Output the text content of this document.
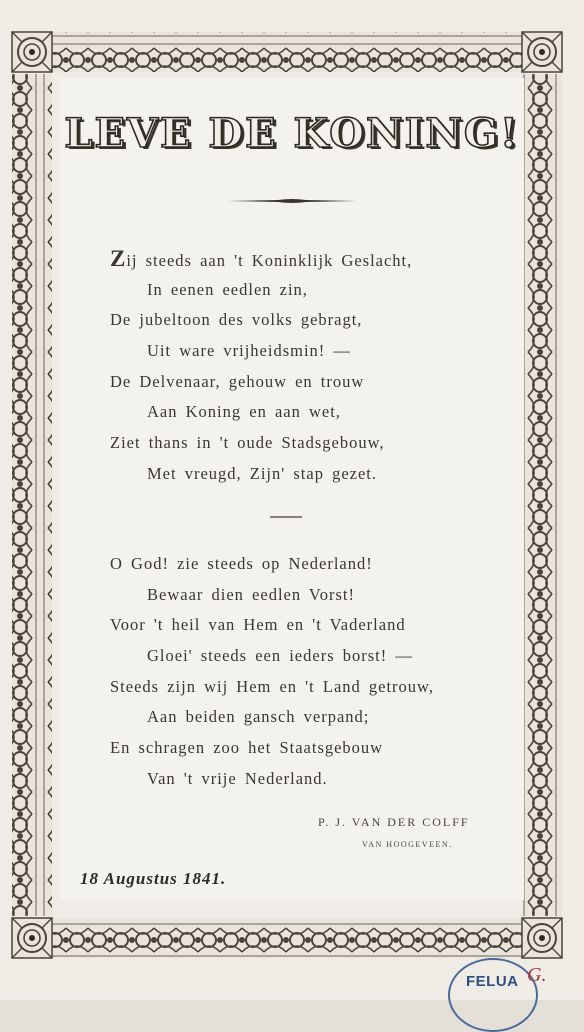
LEVE DE KONING!
Zij steeds aan 't Koninklijk Geslacht,
In eenen eedlen zin,
De jubeltoon des volks gebragt,
Uit ware vrijheidsmin! —
De Delvenaar, gehouw en trouw
Aan Koning en aan wet,
Ziet thans in 't oude Stadsgebouw,
Met vreugd, Zijn' stap gezet.
O God! zie steeds op Nederland!
Bewaar dien eedlen Vorst!
Voor 't heil van Hem en 't Vaderland
Gloei' steeds een ieders borst! —
Steeds zijn wij Hem en 't Land getrouw,
Aan beiden gansch verpand;
En schragen zoo het Staatsgebouw
Van 't vrije Nederland.
P. J. VAN DER COLFF
VAN HOOGEVEEN.
18 Augustus 1841.
FELUA G.
